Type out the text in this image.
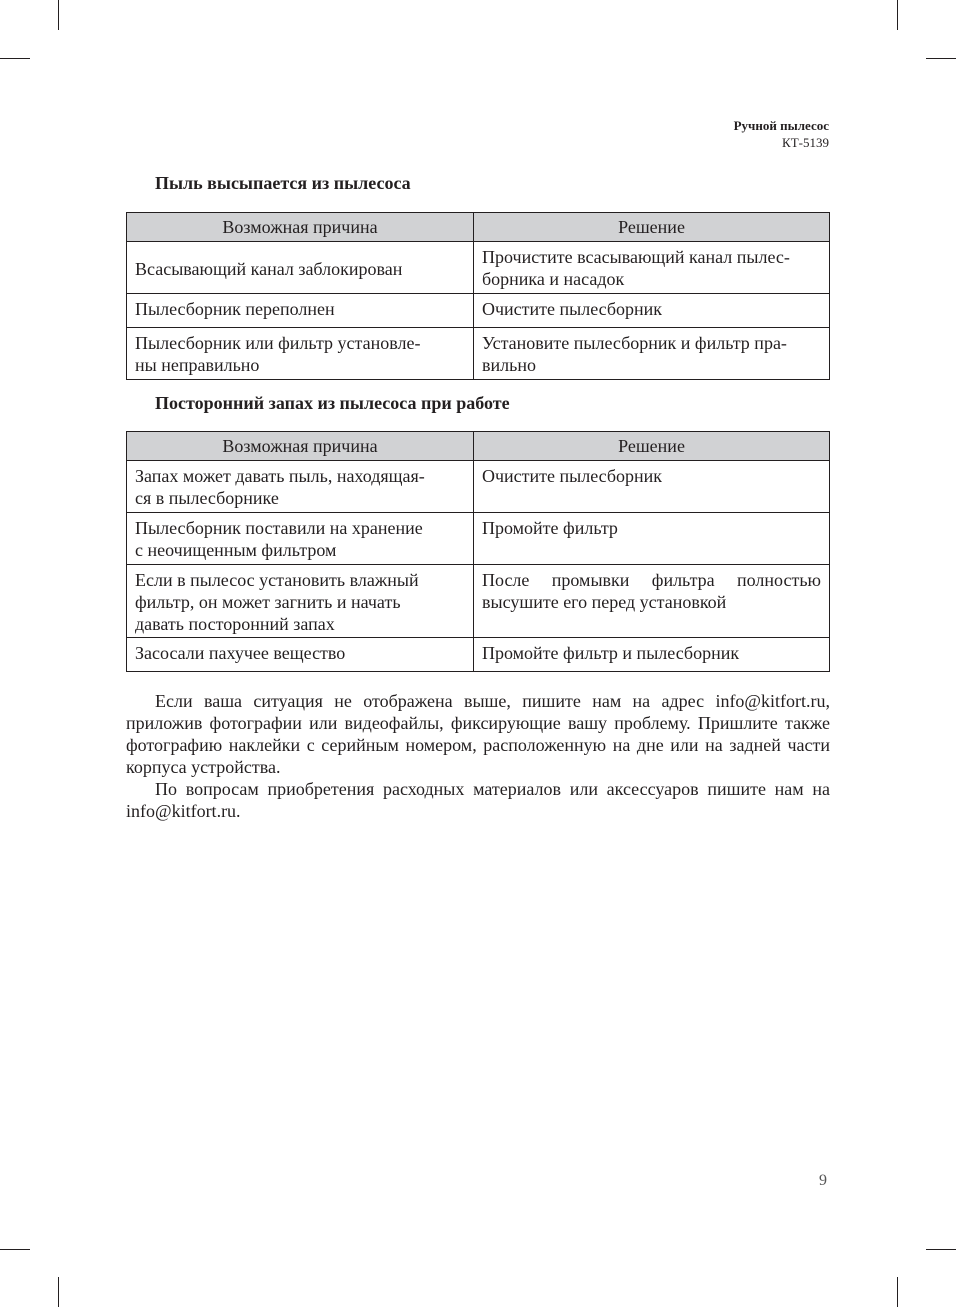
Ручной пылесос
КТ-5139
Пыль высыпается из пылесоса
Возможная причина	Решение

Всасывающий канал заблокирован	Прочистите всасывающий канал пылес-
борника и насадок

Пылесборник переполнен	Очистите пылесборник

Пылесборник или фильтр установле-
ны неправильно	Установите пылесборник и фильтр пра-
вильно
Посторонний запах из пылесоса при работе
Возможная причина	Решение

Запах может давать пыль, находящая-
ся в пылесборнике	Очистите пылесборник

Пылесборник поставили на хранение
с неочищенным фильтром	Промойте фильтр

Если в пылесос установить влажный
фильтр, он может загнить и начать
давать посторонний запах	После промывки фильтра полностью
высушите его перед установкой

Засосали пахучее вещество	Промойте фильтр и пылесборник

Если ваша ситуация не отображена выше, пишите нам на адрес info@kitfort.ru, приложив фотографии или видеофайлы, фиксирующие вашу проблему. Пришлите также фотографию наклейки с серийным номером, расположенную на дне или на задней части корпуса устройства.

По вопросам приобретения расходных материалов или аксессуаров пишите нам на info@kitfort.ru.

9
